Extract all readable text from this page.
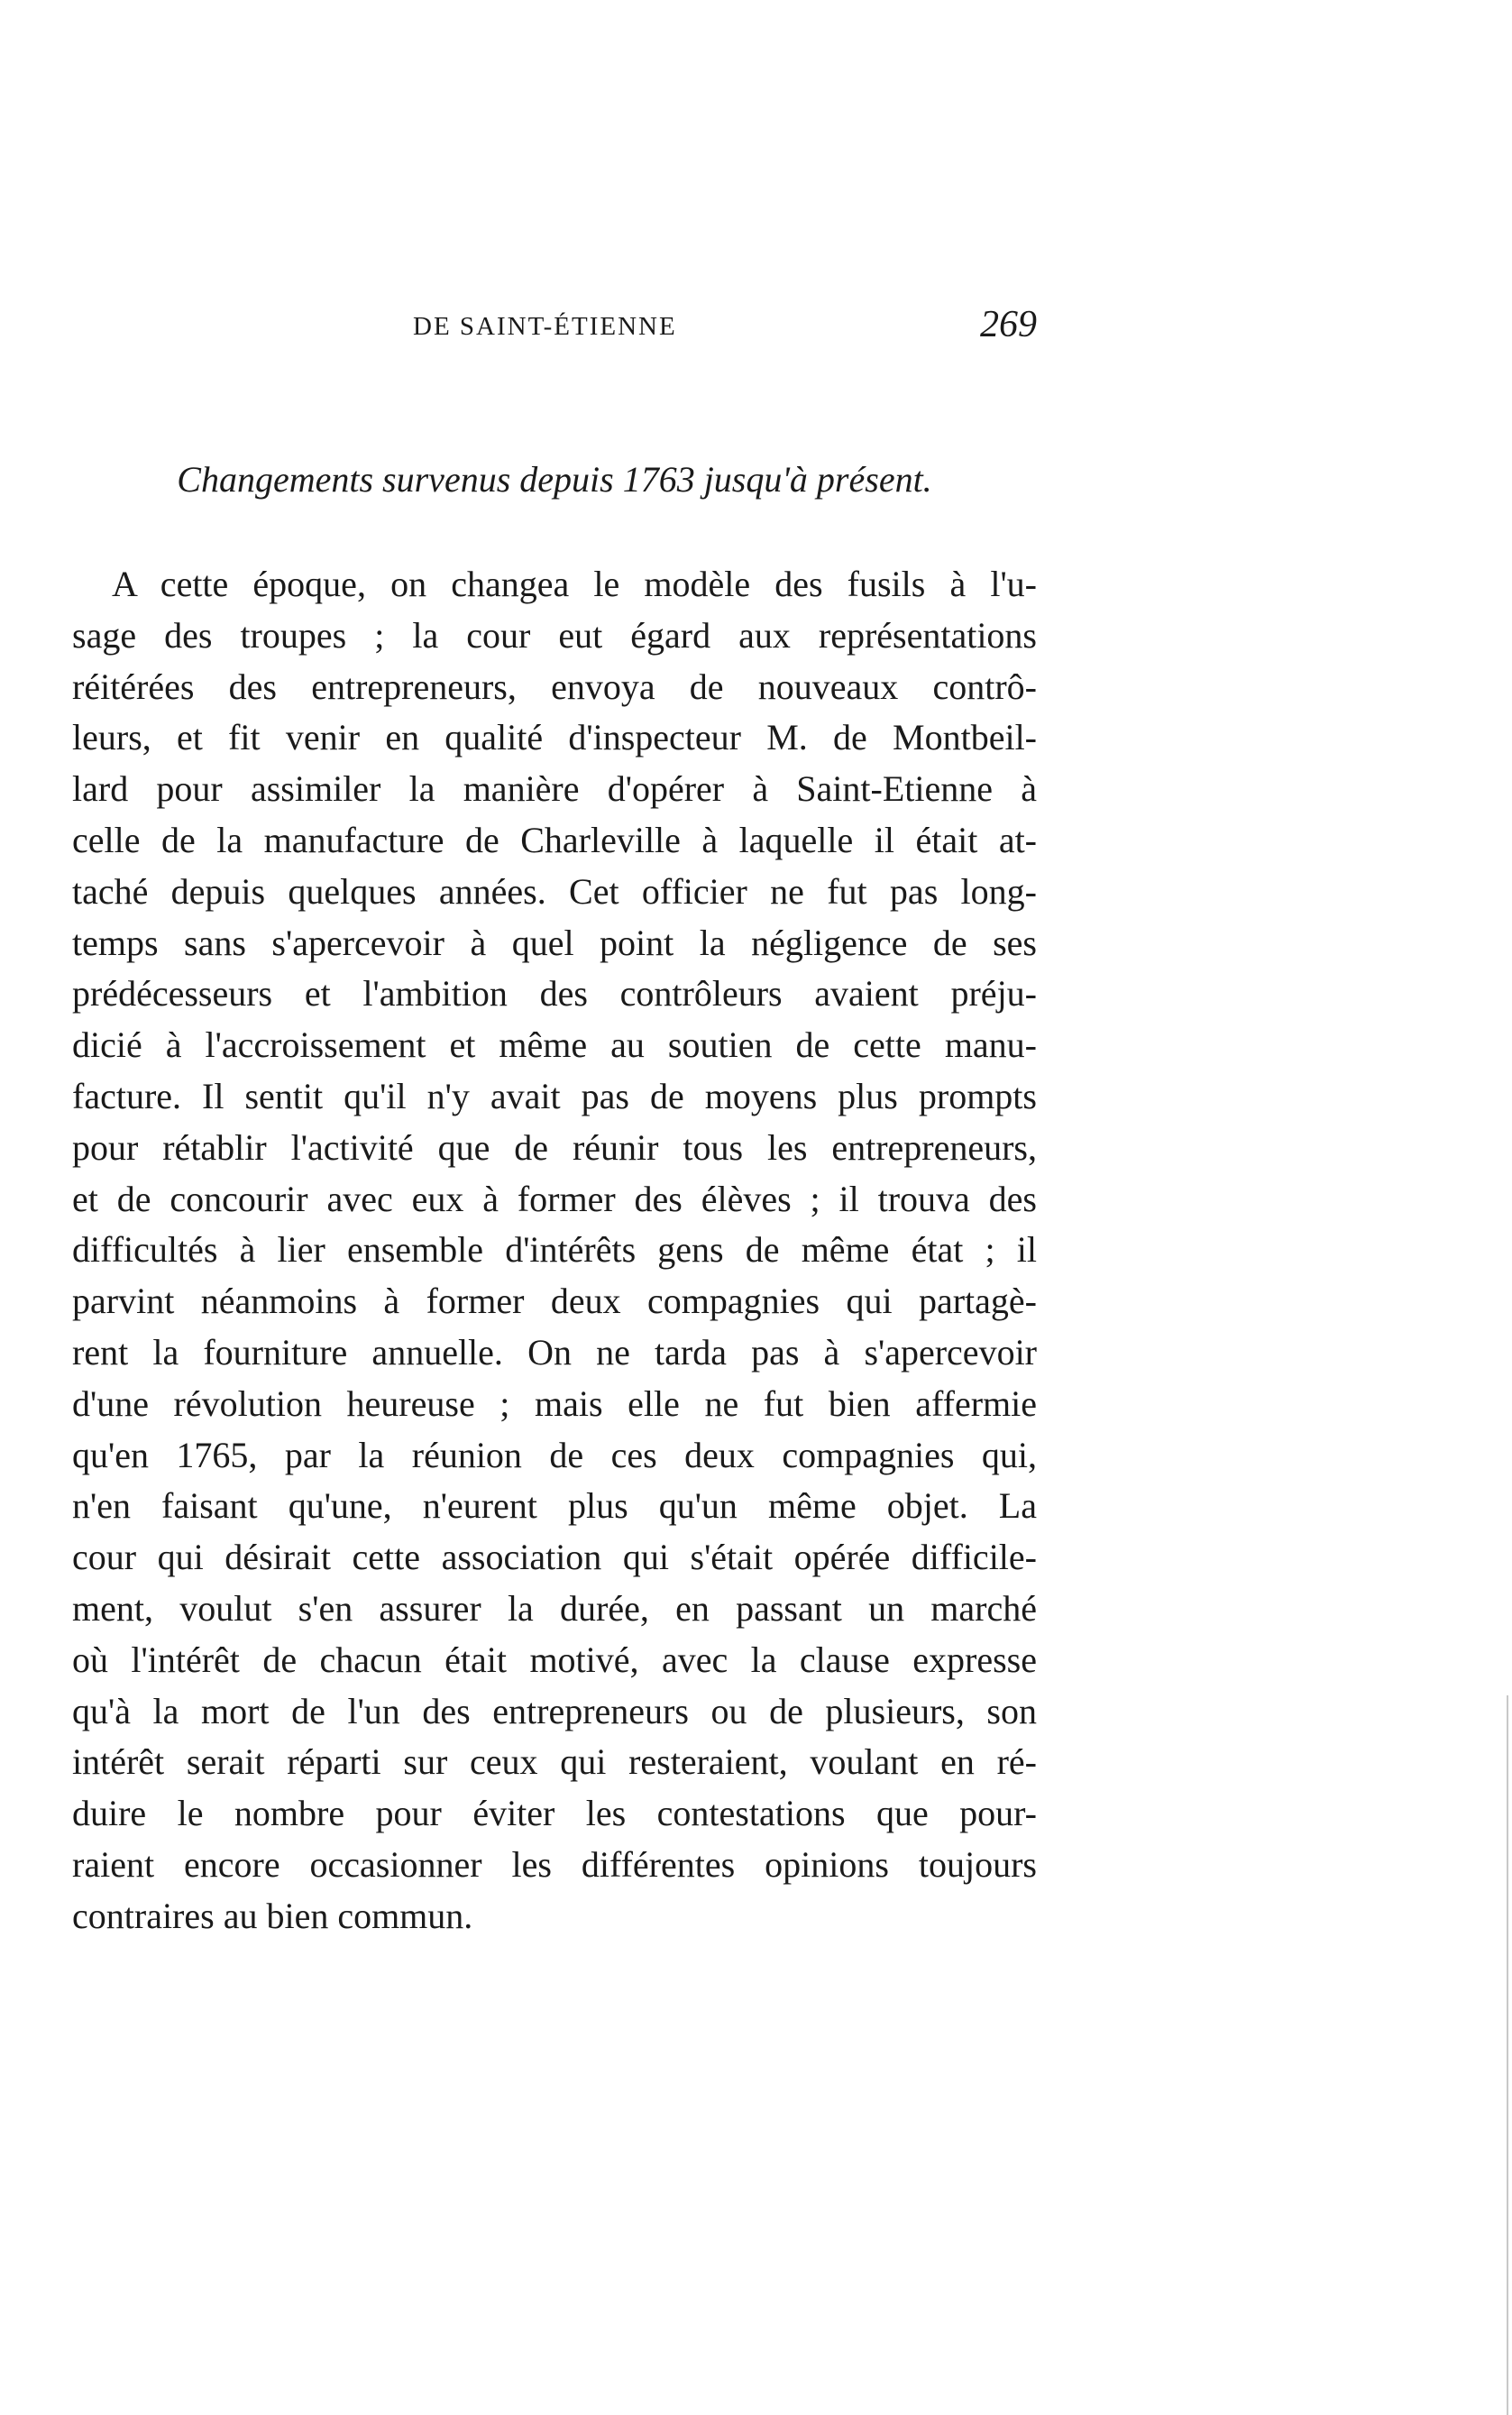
DE SAINT-ÉTIENNE	269
Changements survenus depuis 1763 jusqu'à présent.
A cette époque, on changea le modèle des fusils à l'u-
sage des troupes ; la cour eut égard aux représentations
réitérées des entrepreneurs, envoya de nouveaux contrô-
leurs, et fit venir en qualité d'inspecteur M. de Montbeil-
lard pour assimiler la manière d'opérer à Saint-Etienne à
celle de la manufacture de Charleville à laquelle il était at-
taché depuis quelques années. Cet officier ne fut pas long-
temps sans s'apercevoir à quel point la négligence de ses
prédécesseurs et l'ambition des contrôleurs avaient préju-
dicié à l'accroissement et même au soutien de cette manu-
facture. Il sentit qu'il n'y avait pas de moyens plus prompts
pour rétablir l'activité que de réunir tous les entrepreneurs,
et de concourir avec eux à former des élèves ; il trouva des
difficultés à lier ensemble d'intérêts gens de même état ; il
parvint néanmoins à former deux compagnies qui partagè-
rent la fourniture annuelle. On ne tarda pas à s'apercevoir
d'une révolution heureuse ; mais elle ne fut bien affermie
qu'en 1765, par la réunion de ces deux compagnies qui,
n'en faisant qu'une, n'eurent plus qu'un même objet. La
cour qui désirait cette association qui s'était opérée difficile-
ment, voulut s'en assurer la durée, en passant un marché
où l'intérêt de chacun était motivé, avec la clause expresse
qu'à la mort de l'un des entrepreneurs ou de plusieurs, son
intérêt serait réparti sur ceux qui resteraient, voulant en ré-
duire le nombre pour éviter les contestations que pour-
raient encore occasionner les différentes opinions toujours
contraires au bien commun.
